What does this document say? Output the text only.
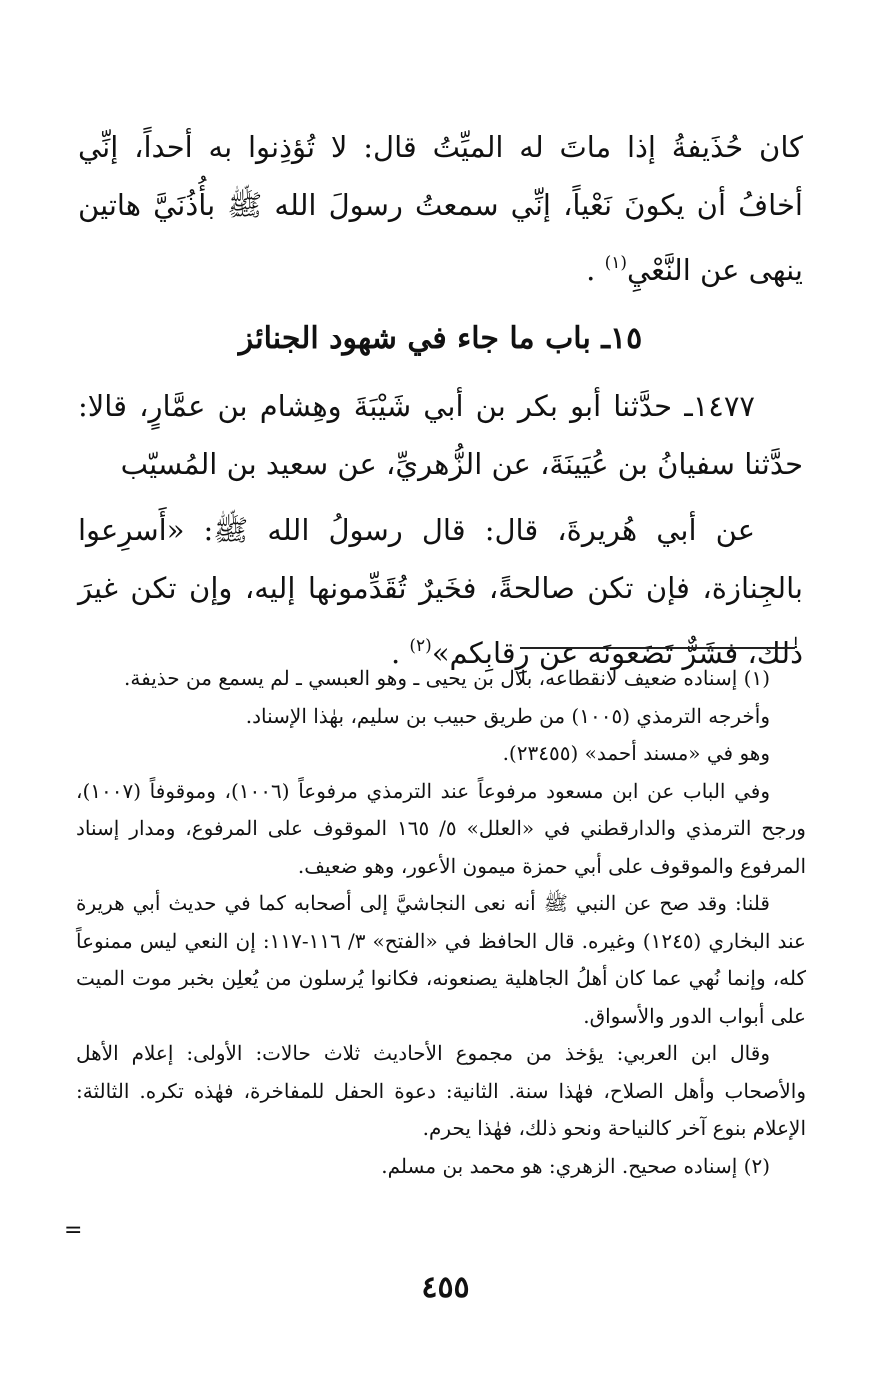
كان حُذَيفةُ إذا ماتَ له الميِّتُ قال: لا تُؤذِنوا به أحداً، إنِّي أخافُ أن يكونَ نَعْياً، إنِّي سمعتُ رسولَ الله ﷺ بأُذُنَيَّ هاتين ينهى عن النَّعْيِ$^{(١)}$ .

١٥ـ باب ما جاء في شهود الجنائز

١٤٧٧ـ حدَّثنا أبو بكر بن أبي شَيْبَةَ وهِشام بن عمَّارٍ، قالا: حدَّثنا سفيانُ بن عُيَينَةَ، عن الزُّهريِّ، عن سعيد بن المُسيّب

عن أبي هُريرةَ، قال: قال رسولُ الله ﷺ: «أَسرِعوا بالجِنازة، فإن تكن صالحةً، فخَيرٌ تُقَدِّمونها إليه، وإن تكن غيرَ ذٰلك، فشَرٌّ تَضَعونَه عن رِقابِكم»$^{(٢)}$ .

(١) إسناده ضعيف لانقطاعه، بلال بن يحيى ـ وهو العبسي ـ لم يسمع من حذيفة.

وأخرجه الترمذي (١٠٠٥) من طريق حبيب بن سليم، بهٰذا الإسناد.

وهو في «مسند أحمد» (٢٣٤٥٥).

وفي الباب عن ابن مسعود مرفوعاً عند الترمذي مرفوعاً (١٠٠٦)، وموقوفاً (١٠٠٧)، ورجح الترمذي والدارقطني في «العلل» ٥/ ١٦٥ الموقوف على المرفوع، ومدار إسناد المرفوع والموقوف على أبي حمزة ميمون الأعور، وهو ضعيف.

قلنا: وقد صح عن النبي ﷺ أنه نعى النجاشيَّ إلى أصحابه كما في حديث أبي هريرة عند البخاري (١٢٤٥) وغيره. قال الحافظ في «الفتح» ٣/ ١١٦-١١٧: إن النعي ليس ممنوعاً كله، وإنما نُهي عما كان أهلُ الجاهلية يصنعونه، فكانوا يُرسلون من يُعلِن بخبر موت الميت على أبواب الدور والأسواق.

وقال ابن العربي: يؤخذ من مجموع الأحاديث ثلاث حالات: الأولى: إعلام الأهل والأصحاب وأهل الصلاح، فهٰذا سنة. الثانية: دعوة الحفل للمفاخرة، فهٰذه تكره. الثالثة: الإعلام بنوع آخر كالنياحة ونحو ذلك، فهٰذا يحرم.

(٢) إسناده صحيح. الزهري: هو محمد بن مسلم.

=
٤٥٥
